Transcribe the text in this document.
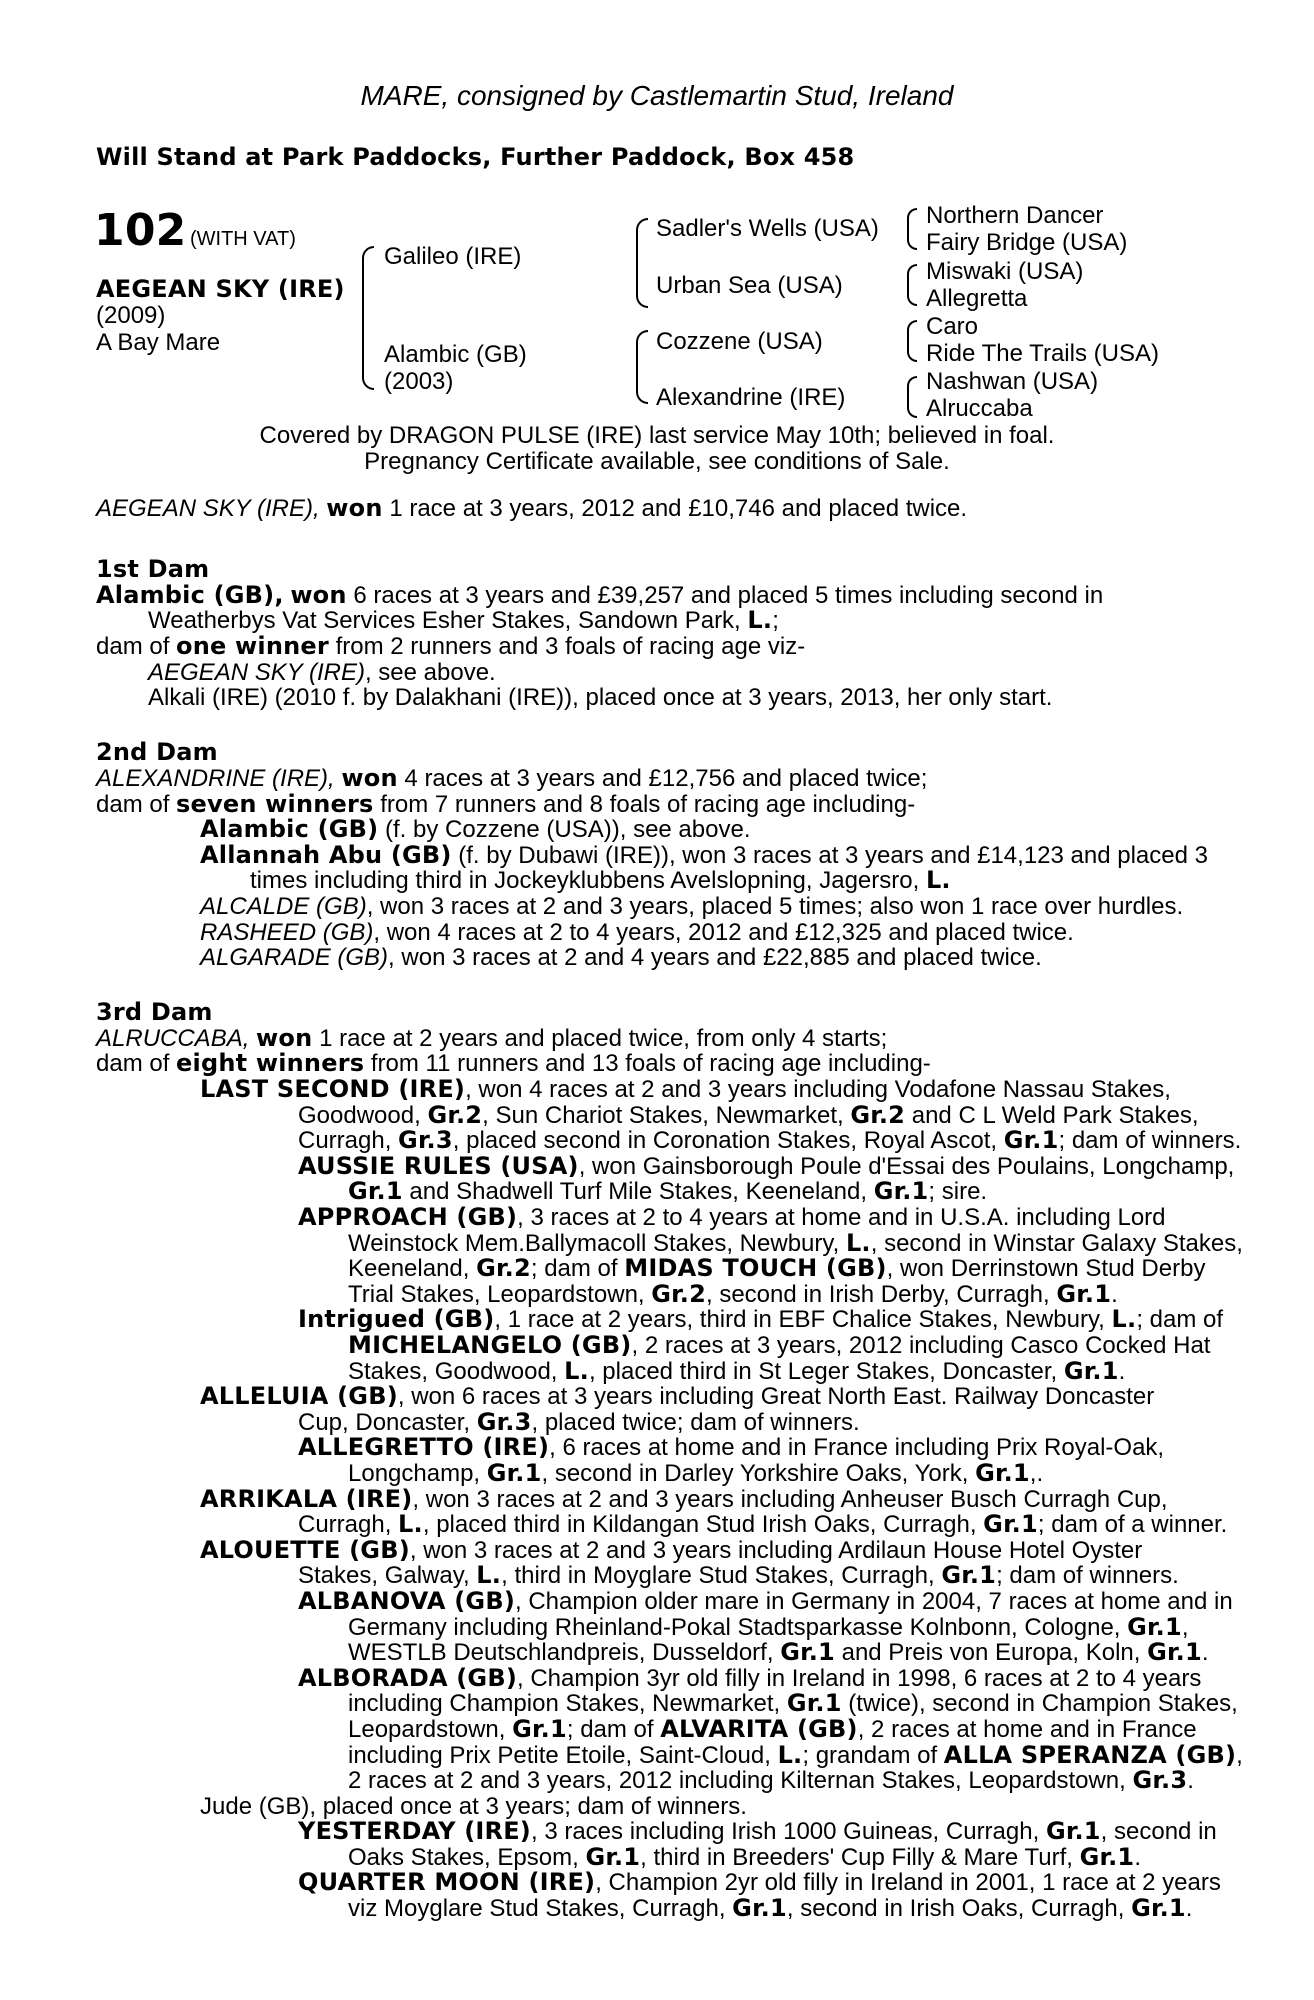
MARE, consigned by Castlemartin Stud, Ireland
Will Stand at Park Paddocks, Further Paddock, Box 458
102 (WITH VAT)
AEGEAN SKY (IRE)
(2009)
A Bay Mare
Galileo (IRE)
Alambic (GB)
(2003)
Sadler's Wells (USA)
Urban Sea (USA)
Cozzene (USA)
Alexandrine (IRE)
Northern Dancer
Fairy Bridge (USA)
Miswaki (USA)
Allegretta
Caro
Ride The Trails (USA)
Nashwan (USA)
Alruccaba
Covered by DRAGON PULSE (IRE) last service May 10th; believed in foal.
Pregnancy Certificate available, see conditions of Sale.
AEGEAN SKY (IRE), won 1 race at 3 years, 2012 and £10,746 and placed twice.
1st Dam
Alambic (GB), won 6 races at 3 years and £39,257 and placed 5 times including second in
Weatherbys Vat Services Esher Stakes, Sandown Park, L.;
dam of one winner from 2 runners and 3 foals of racing age viz-
AEGEAN SKY (IRE), see above.
Alkali (IRE) (2010 f. by Dalakhani (IRE)), placed once at 3 years, 2013, her only start.
2nd Dam
ALEXANDRINE (IRE), won 4 races at 3 years and £12,756 and placed twice;
dam of seven winners from 7 runners and 8 foals of racing age including-
Alambic (GB) (f. by Cozzene (USA)), see above.
Allannah Abu (GB) (f. by Dubawi (IRE)), won 3 races at 3 years and £14,123 and placed 3
times including third in Jockeyklubbens Avelslopning, Jagersro, L.
ALCALDE (GB), won 3 races at 2 and 3 years, placed 5 times; also won 1 race over hurdles.
RASHEED (GB), won 4 races at 2 to 4 years, 2012 and £12,325 and placed twice.
ALGARADE (GB), won 3 races at 2 and 4 years and £22,885 and placed twice.
3rd Dam
ALRUCCABA, won 1 race at 2 years and placed twice, from only 4 starts;
dam of eight winners from 11 runners and 13 foals of racing age including-
LAST SECOND (IRE), won 4 races at 2 and 3 years including Vodafone Nassau Stakes,
Goodwood, Gr.2, Sun Chariot Stakes, Newmarket, Gr.2 and C L Weld Park Stakes,
Curragh, Gr.3, placed second in Coronation Stakes, Royal Ascot, Gr.1; dam of winners.
AUSSIE RULES (USA), won Gainsborough Poule d'Essai des Poulains, Longchamp,
Gr.1 and Shadwell Turf Mile Stakes, Keeneland, Gr.1; sire.
APPROACH (GB), 3 races at 2 to 4 years at home and in U.S.A. including Lord
Weinstock Mem.Ballymacoll Stakes, Newbury, L., second in Winstar Galaxy Stakes,
Keeneland, Gr.2; dam of MIDAS TOUCH (GB), won Derrinstown Stud Derby
Trial Stakes, Leopardstown, Gr.2, second in Irish Derby, Curragh, Gr.1.
Intrigued (GB), 1 race at 2 years, third in EBF Chalice Stakes, Newbury, L.; dam of
MICHELANGELO (GB), 2 races at 3 years, 2012 including Casco Cocked Hat
Stakes, Goodwood, L., placed third in St Leger Stakes, Doncaster, Gr.1.
ALLELUIA (GB), won 6 races at 3 years including Great North East. Railway Doncaster
Cup, Doncaster, Gr.3, placed twice; dam of winners.
ALLEGRETTO (IRE), 6 races at home and in France including Prix Royal-Oak,
Longchamp, Gr.1, second in Darley Yorkshire Oaks, York, Gr.1,.
ARRIKALA (IRE), won 3 races at 2 and 3 years including Anheuser Busch Curragh Cup,
Curragh, L., placed third in Kildangan Stud Irish Oaks, Curragh, Gr.1; dam of a winner.
ALOUETTE (GB), won 3 races at 2 and 3 years including Ardilaun House Hotel Oyster
Stakes, Galway, L., third in Moyglare Stud Stakes, Curragh, Gr.1; dam of winners.
ALBANOVA (GB), Champion older mare in Germany in 2004, 7 races at home and in
Germany including Rheinland-Pokal Stadtsparkasse Kolnbonn, Cologne, Gr.1,
WESTLB Deutschlandpreis, Dusseldorf, Gr.1 and Preis von Europa, Koln, Gr.1.
ALBORADA (GB), Champion 3yr old filly in Ireland in 1998, 6 races at 2 to 4 years
including Champion Stakes, Newmarket, Gr.1 (twice), second in Champion Stakes,
Leopardstown, Gr.1; dam of ALVARITA (GB), 2 races at home and in France
including Prix Petite Etoile, Saint-Cloud, L.; grandam of ALLA SPERANZA (GB),
2 races at 2 and 3 years, 2012 including Kilternan Stakes, Leopardstown, Gr.3.
Jude (GB), placed once at 3 years; dam of winners.
YESTERDAY (IRE), 3 races including Irish 1000 Guineas, Curragh, Gr.1, second in
Oaks Stakes, Epsom, Gr.1, third in Breeders' Cup Filly & Mare Turf, Gr.1.
QUARTER MOON (IRE), Champion 2yr old filly in Ireland in 2001, 1 race at 2 years
viz Moyglare Stud Stakes, Curragh, Gr.1, second in Irish Oaks, Curragh, Gr.1.
